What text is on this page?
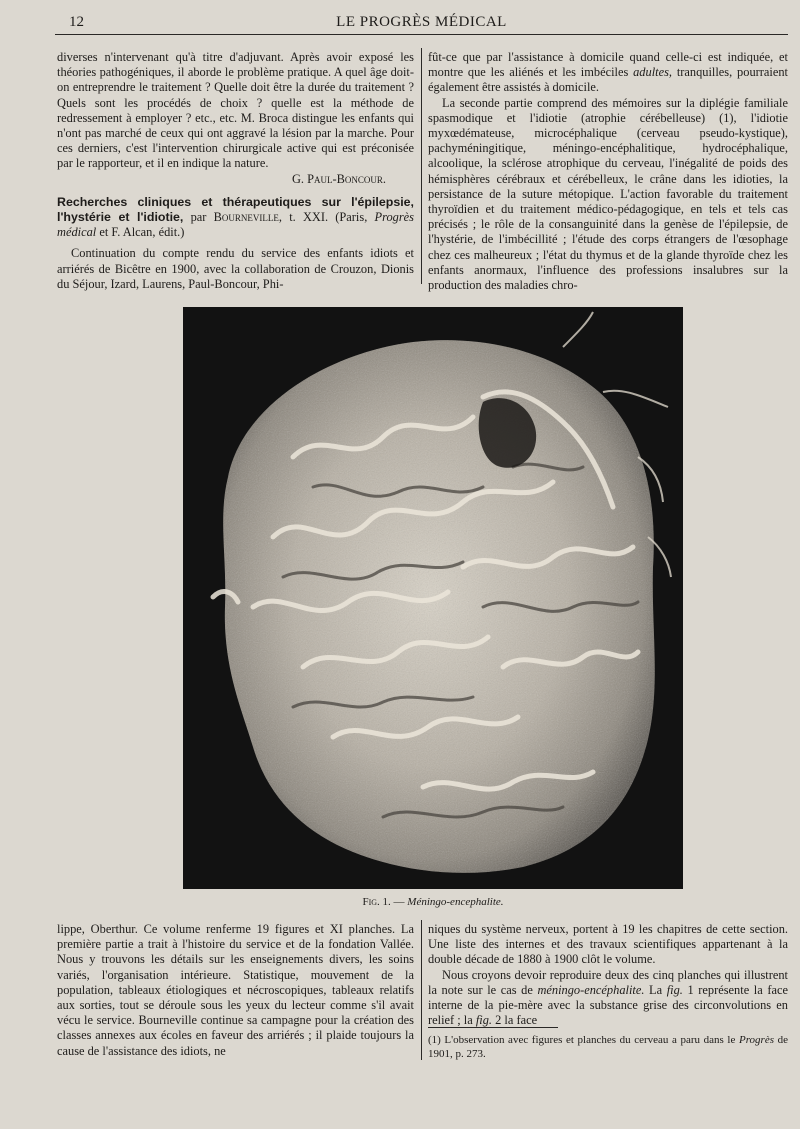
12	LE PROGRÈS MÉDICAL

diverses n'intervenant qu'à titre d'adjuvant. Après avoir exposé les théories pathogéniques, il aborde le problème pratique. A quel âge doit-on entreprendre le traitement ? Quelle doit être la durée du traitement ? Quels sont les procédés de choix ? quelle est la méthode de redressement à employer ? etc., etc. M. Broca distingue les enfants qui n'ont pas marché de ceux qui ont aggravé la lésion par la marche. Pour ces derniers, c'est l'intervention chirurgicale active qui est préconisée par le rapporteur, et il en indique la nature.

G. Paul-Boncour.

Recherches cliniques et thérapeutiques sur l'épilepsie, l'hystérie et l'idiotie, par Bourneville, t. XXI. (Paris, Progrès médical et F. Alcan, édit.)

Continuation du compte rendu du service des enfants idiots et arriérés de Bicêtre en 1900, avec la collaboration de Crouzon, Dionis du Séjour, Izard, Laurens, Paul-Boncour, Phi-

fût-ce que par l'assistance à domicile quand celle-ci est indiquée, et montre que les aliénés et les imbéciles adultes, tranquilles, pourraient également être assistés à domicile.

La seconde partie comprend des mémoires sur la diplégie familiale spasmodique et l'idiotie (atrophie cérébelleuse) (1), l'idiotie myxœdémateuse, microcéphalique (cerveau pseudo-kystique), pachyméningitique, méningo-encéphalitique, hydrocéphalique, alcoolique, la sclérose atrophique du cerveau, l'inégalité de poids des hémisphères cérébraux et cérébelleux, le crâne dans les idioties, la persistance de la suture métopique. L'action favorable du traitement thyroïdien et du traitement médico-pédagogique, en tels et tels cas précisés ; le rôle de la consanguinité dans la genèse de l'épilepsie, de l'hystérie, de l'imbécillité ; l'étude des corps étrangers de l'œsophage chez ces malheureux ; l'état du thymus et de la glande thyroïde chez les enfants anormaux, l'influence des professions insalubres sur la production des maladies chro-

Fig. 1. — Méningo-encephalite.

lippe, Oberthur. Ce volume renferme 19 figures et XI planches. La première partie a trait à l'histoire du service et de la fondation Vallée. Nous y trouvons les détails sur les enseignements divers, les soins variés, l'organisation intérieure. Statistique, mouvement de la population, tableaux étiologiques et nécroscopiques, tableaux relatifs aux sorties, tout se déroule sous les yeux du lecteur comme s'il avait vécu le service. Bourneville continue sa campagne pour la création des classes annexes aux écoles en faveur des arriérés ; il plaide toujours la cause de l'assistance des idiots, ne

niques du système nerveux, portent à 19 les chapitres de cette section. Une liste des internes et des travaux scientifiques appartenant à la double décade de 1880 à 1900 clôt le volume.

Nous croyons devoir reproduire deux des cinq planches qui illustrent la note sur le cas de méningo-encéphalite. La fig. 1 représente la face interne de la pie-mère avec la substance grise des circonvolutions en relief ; la fig. 2 la face

(1) L'observation avec figures et planches du cerveau a paru dans le Progrès de 1901, p. 273.
